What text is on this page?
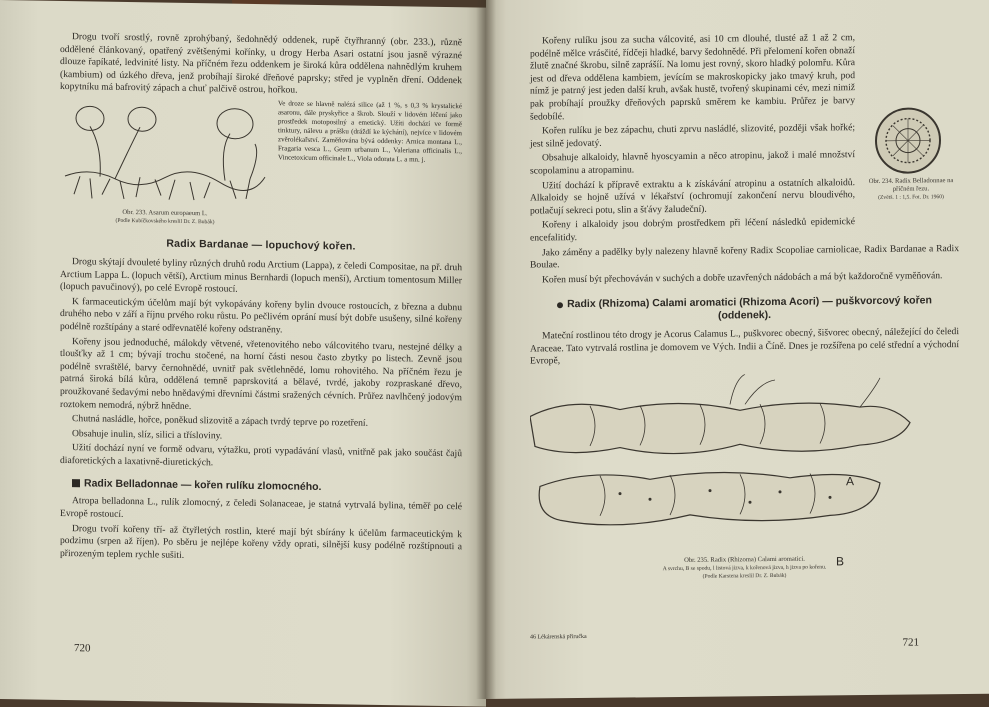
Drogu tvoří srostlý, rovně zprohýbaný, šedohnědý oddenek, rupě čtyřhranný (obr. 233.), různě oddělené článkovaný, opatřený zvětšenými kořínky, u drogy Herba Asari ostatní jsou jasně výrazné dlouze řapíkaté, ledvinité listy. Na příčném řezu oddenkem je široká kůra oddělena nahnědlým kruhem (kambium) od úzkého dřeva, jenž probíhají široké dřeňové paprsky; střed je vyplněn dření. Oddenek kopytníku má bafrovitý zápach a chuť palčivě ostrou, hořkou.

Obr. 233. Asarum europaeum L.
(Podle Kubíčkovského kreslil Dr. Z. Bubák)

Ve droze se hlavně nalézá silice (až 1 %, s 0,3 % krystalické asaronu, dále pryskyřice a škrob. Slouží v lidovém léčení jako prostředek motoposilný a emetický. Užíti dochází ve formě tinktury, nálevu a prášku (dráždí ke kýchání), nejvíce v lidovém zvěrolékařství. Zaměňována bývá oddenky: Arnica montana L., Fragaria vesca L., Geum urbanum L., Valeriana officinalis L., Vincetoxicum officinale L., Viola odorata L. a mn. j.

Radix Bardanae — lopuchový kořen.

Drogu skýtají dvouleté byliny různých druhů rodu Arctium (Lappa), z čeledi Compositae, na př. druh Arctium Lappa L. (lopuch větší), Arctium minus Bernhardi (lopuch menší), Arctium tomentosum Miller (lopuch pavučinový), po celé Evropě rostoucí.

K farmaceutickým účelům mají být vykopávány kořeny bylin dvouce rostoucích, z března a dubnu druhého nebo v září a říjnu prvého roku růstu. Po pečlivém oprání musí být dobře usušeny, silné kořeny podélně rozštípány a staré odřevnatělé kořeny odstraněny.

Kořeny jsou jednoduché, málokdy větvené, vřetenovitého nebo válcovitého tvaru, nestejné délky a tloušťky až 1 cm; bývají trochu stočené, na horní části nesou často zbytky po listech. Zevně jsou podélně svraštělé, barvy černohnědé, uvnitř pak světlehnědé, lomu rohovitého. Na příčném řezu je patrná široká bílá kůra, oddělená temně paprskovitá a bělavé, tvrdé, jakoby rozpraskané dřevo, proužkované šedavými nebo hnědavými dřevními částmi sražených cévních. Průřez navlhčený jodovým roztokem nemodrá, nýbrž hnědne.

Chutná nasládle, hořce, poněkud slizovitě a zápach tvrdý teprve po rozetření.

Obsahuje inulin, slíz, silici a třísloviny.

Užití dochází nyní ve formě odvaru, výtažku, proti vypadávání vlasů, vnitřně pak jako součást čajů diaforetických a laxativně-diuretických.

Radix Belladonnae — kořen rulíku zlomocného.

Atropa belladonna L., rulík zlomocný, z čeledi Solanaceae, je statná vytrvalá bylina, téměř po celé Evropě rostoucí.

Drogu tvoří kořeny tří- až čtyřletých rostlin, které mají být sbírány k účelům farmaceutickým k podzimu (srpen až říjen). Po sběru je nejlépe kořeny vždy oprati, silnější kusy podélně rozštípnouti a přirozeným teplem rychle sušiti.

720

Kořeny rulíku jsou za sucha válcovité, asi 10 cm dlouhé, tlusté až 1 až 2 cm, podélně mělce vrásčité, řídčeji hladké, barvy šedohnědé. Při přelomení kořen obnaží žlutě značné škrobu, silně zaprášíí. Na lomu jest rovný, skoro hladký polomřu. Kůra jest od dřeva oddělena kambiem, jevícím se makroskopicky jako tmavý kruh, pod nímž je patrný jest jeden další kruh, avšak hustě, tvořený skupinami cév, mezi nimiž pak probíhají proužky dřeňových paprsků směrem ke kambiu. Průřez je barvy šedobílé.

Kořen rulíku je bez zápachu, chuti zprvu nasládlé, slizovité, později však hořké; jest silně jedovatý.

Obsahuje alkaloidy, hlavně hyoscyamin a něco atropinu, jakož i malé množství scopolaminu a atropaminu.

Užití dochází k přípravě extraktu a k získávání atropinu a ostatních alkaloidů. Alkaloidy se hojně užívá v lékařství (ochromují zakončení nervu bloudivého, potlačují sekreci potu, slin a šťávy žaludeční).

Kořeny i alkaloidy jsou dobrým prostředkem při léčení následků epidemické encefalitidy.

Obr. 234. Radix Belladonnae na příčném řezu.
(Zvětš. 1 : 1,5. Fot. Dr. 1960)

Jako záměny a padělky byly nalezeny hlavně kořeny Radix Scopoliae carniolicae, Radix Bardanae a Radix Boulae.

Kořen musí být přechováván v suchých a dobře uzavřených nádobách a má být každoročně vyměňován.

Radix (Rhizoma) Calami aromatici (Rhizoma Acori) — puškvorcový kořen (oddenek).

Mateční rostlinou této drogy je Acorus Calamus L., puškvorec obecný, šišvorec obecný, náležející do čeledi Araceae. Tato vytrvalá rostlina je domovem ve Vých. Indii a Číně. Dnes je rozšířena po celé střední a východní Evropě,

A
B
Obr. 235. Radix (Rhizoma) Calami aromatici.
A svrchu, B se spodu, l listová jizva, k kořenová jizva, h jizva po kořenu.
(Podle Karstena kreslil Dr. Z. Bubák)
46 Lékárenská příručka	721
